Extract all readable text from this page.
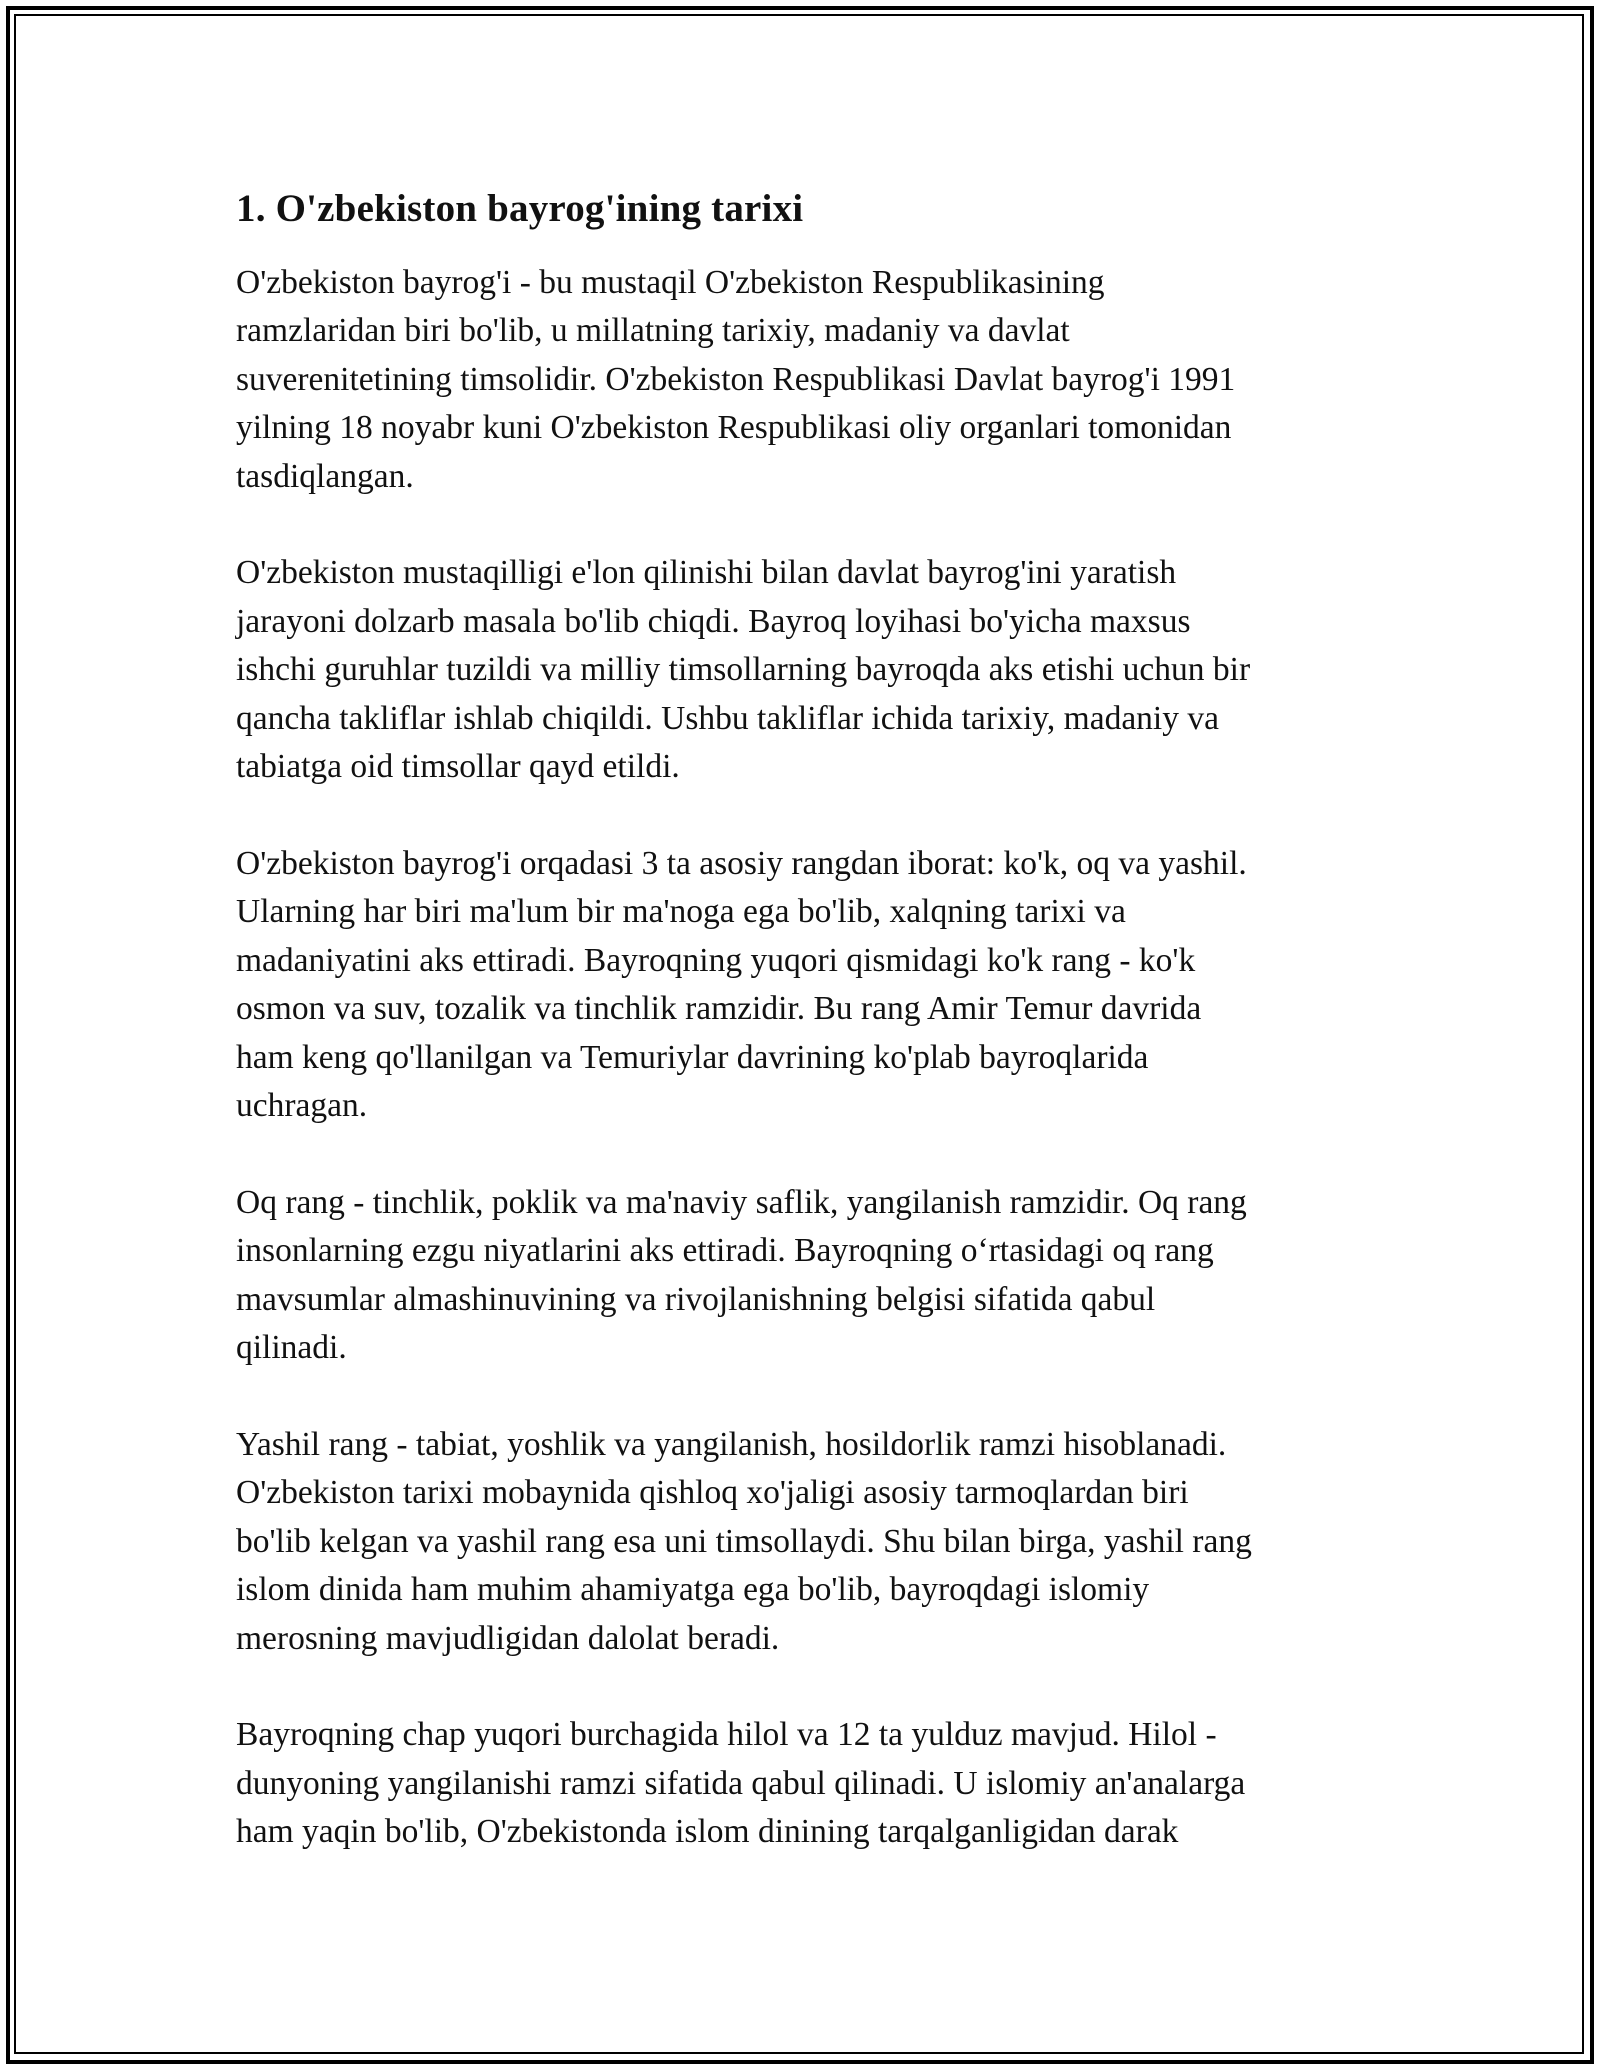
1. O'zbekiston bayrog'ining tarixi

O'zbekiston bayrog'i - bu mustaqil O'zbekiston Respublikasining
ramzlaridan biri bo'lib, u millatning tarixiy, madaniy va davlat
suverenitetining timsolidir. O'zbekiston Respublikasi Davlat bayrog'i 1991
yilning 18 noyabr kuni O'zbekiston Respublikasi oliy organlari tomonidan
tasdiqlangan.

O'zbekiston mustaqilligi e'lon qilinishi bilan davlat bayrog'ini yaratish
jarayoni dolzarb masala bo'lib chiqdi. Bayroq loyihasi bo'yicha maxsus
ishchi guruhlar tuzildi va milliy timsollarning bayroqda aks etishi uchun bir
qancha takliflar ishlab chiqildi. Ushbu takliflar ichida tarixiy, madaniy va
tabiatga oid timsollar qayd etildi.

O'zbekiston bayrog'i orqadasi 3 ta asosiy rangdan iborat: ko'k, oq va yashil.
Ularning har biri ma'lum bir ma'noga ega bo'lib, xalqning tarixi va
madaniyatini aks ettiradi. Bayroqning yuqori qismidagi ko'k rang - ko'k
osmon va suv, tozalik va tinchlik ramzidir. Bu rang Amir Temur davrida
ham keng qo'llanilgan va Temuriylar davrining ko'plab bayroqlarida
uchragan.

Oq rang - tinchlik, poklik va ma'naviy saflik, yangilanish ramzidir. Oq rang
insonlarning ezgu niyatlarini aks ettiradi. Bayroqning o‘rtasidagi oq rang
mavsumlar almashinuvining va rivojlanishning belgisi sifatida qabul
qilinadi.

Yashil rang - tabiat, yoshlik va yangilanish, hosildorlik ramzi hisoblanadi.
O'zbekiston tarixi mobaynida qishloq xo'jaligi asosiy tarmoqlardan biri
bo'lib kelgan va yashil rang esa uni timsollaydi. Shu bilan birga, yashil rang
islom dinida ham muhim ahamiyatga ega bo'lib, bayroqdagi islomiy
merosning mavjudligidan dalolat beradi.

Bayroqning chap yuqori burchagida hilol va 12 ta yulduz mavjud. Hilol -
dunyoning yangilanishi ramzi sifatida qabul qilinadi. U islomiy an'analarga
ham yaqin bo'lib, O'zbekistonda islom dinining tarqalganligidan darak
